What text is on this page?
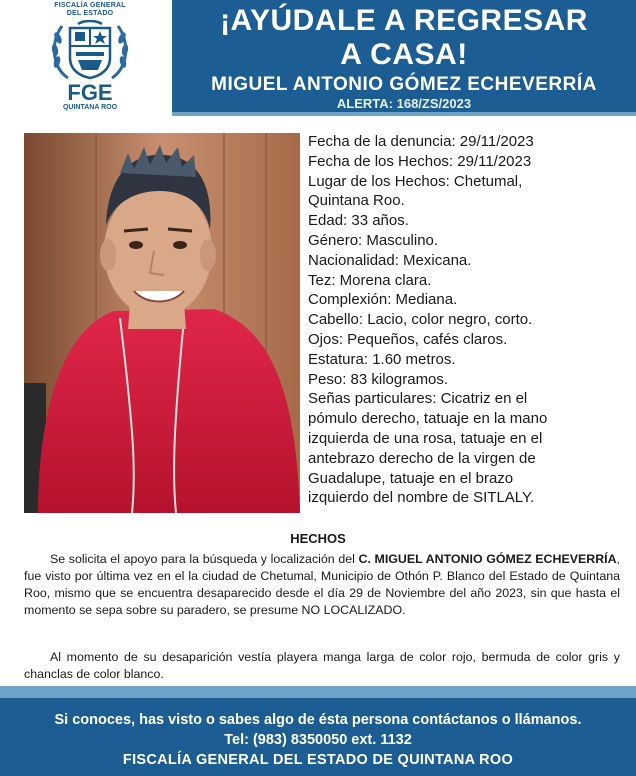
FISCALÍA GENERAL
DEL ESTADO
FGE
QUINTANA ROO
¡AYÚDALE A REGRESAR
A CASA!
MIGUEL ANTONIO GÓMEZ ECHEVERRÍA
ALERTA: 168/ZS/2023
Fecha de la denuncia: 29/11/2023
Fecha de los Hechos: 29/11/2023
Lugar de los Hechos: Chetumal,
Quintana Roo.
Edad: 33 años.
Género: Masculino.
Nacionalidad: Mexicana.
Tez: Morena clara.
Complexión: Mediana.
Cabello: Lacio, color negro, corto.
Ojos: Pequeños, cafés claros.
Estatura: 1.60 metros.
Peso: 83 kilogramos.
Señas particulares: Cicatriz en el
pómulo derecho, tatuaje en la mano
izquierda de una rosa, tatuaje en el
antebrazo derecho de la virgen de
Guadalupe, tatuaje en el brazo
izquierdo del nombre de SITLALY.
HECHOS

Se solicita el apoyo para la búsqueda y localización del C. MIGUEL ANTONIO GÓMEZ ECHEVERRÍA, fue visto por última vez en el la ciudad de Chetumal, Municipio de Othón P. Blanco del Estado de Quintana Roo, mismo que se encuentra desaparecido desde el día 29 de Noviembre del año 2023, sin que hasta el momento se sepa sobre su paradero, se presume NO LOCALIZADO.

Al momento de su desaparición vestía playera manga larga de color rojo, bermuda de color gris y chanclas de color blanco.

Si conoces, has visto o sabes algo de ésta persona contáctanos o llámanos.
Tel: (983) 8350050 ext. 1132
FISCALÍA GENERAL DEL ESTADO DE QUINTANA ROO
